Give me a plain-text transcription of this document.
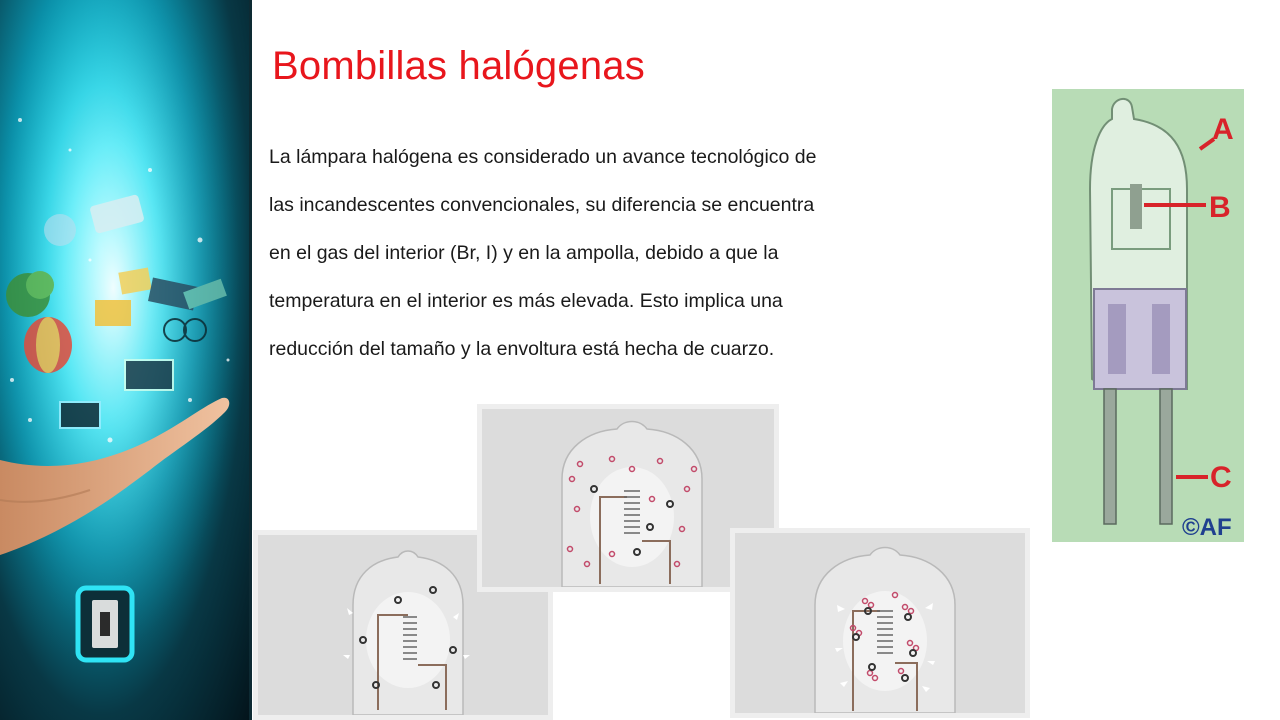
Bombillas halógenas
La lámpara halógena es considerado un avance tecnológico de
las incandescentes convencionales, su diferencia se encuentra
en el gas del interior (Br, I) y en la ampolla, debido a que la
temperatura en el interior es más elevada. Esto implica una
reducción del tamaño y la envoltura está hecha de cuarzo.
A
B
C
©AF
